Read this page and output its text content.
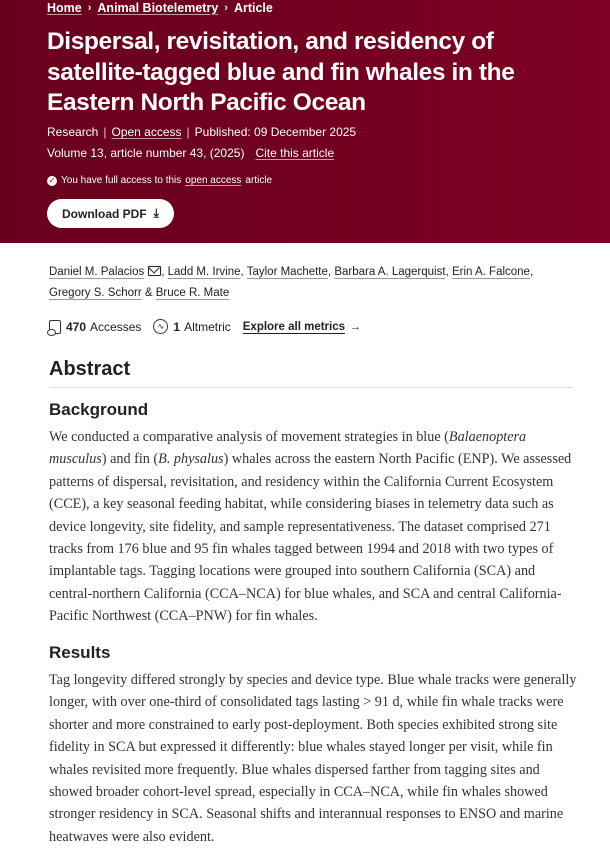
Home › Animal Biotelemetry › Article
Dispersal, revisitation, and residency of satellite-tagged blue and fin whales in the Eastern North Pacific Ocean
Research | Open access | Published: 09 December 2025
Volume 13, article number 43, (2025) Cite this article
✓ You have full access to this open access article
Download PDF ⤓
Daniel M. Palacios , Ladd M. Irvine, Taylor Machette, Barbara A. Lagerquist, Erin A. Falcone, Gregory S. Schorr & Bruce R. Mate
470 Accesses	∿ 1 Altmetric Explore all metrics →
Abstract
Background

We conducted a comparative analysis of movement strategies in blue (Balaenoptera musculus) and fin (B. physalus) whales across the eastern North Pacific (ENP). We assessed patterns of dispersal, revisitation, and residency within the California Current Ecosystem (CCE), a key seasonal feeding habitat, while considering biases in telemetry data such as device longevity, site fidelity, and sample representativeness. The dataset comprised 271 tracks from 176 blue and 95 fin whales tagged between 1994 and 2018 with two types of implantable tags. Tagging locations were grouped into southern California (SCA) and central-northern California (CCA–NCA) for blue whales, and SCA and central California-Pacific Northwest (CCA–PNW) for fin whales.

Results

Tag longevity differed strongly by species and device type. Blue whale tracks were generally longer, with over one-third of consolidated tags lasting > 91 d, while fin whale tracks were shorter and more constrained to early post-deployment. Both species exhibited strong site fidelity in SCA but expressed it differently: blue whales stayed longer per visit, while fin whales revisited more frequently. Blue whales dispersed farther from tagging sites and showed broader cohort-level spread, especially in CCA–NCA, while fin whales showed stronger residency in SCA. Seasonal shifts and interannual responses to ENSO and marine heatwaves were also evident.
